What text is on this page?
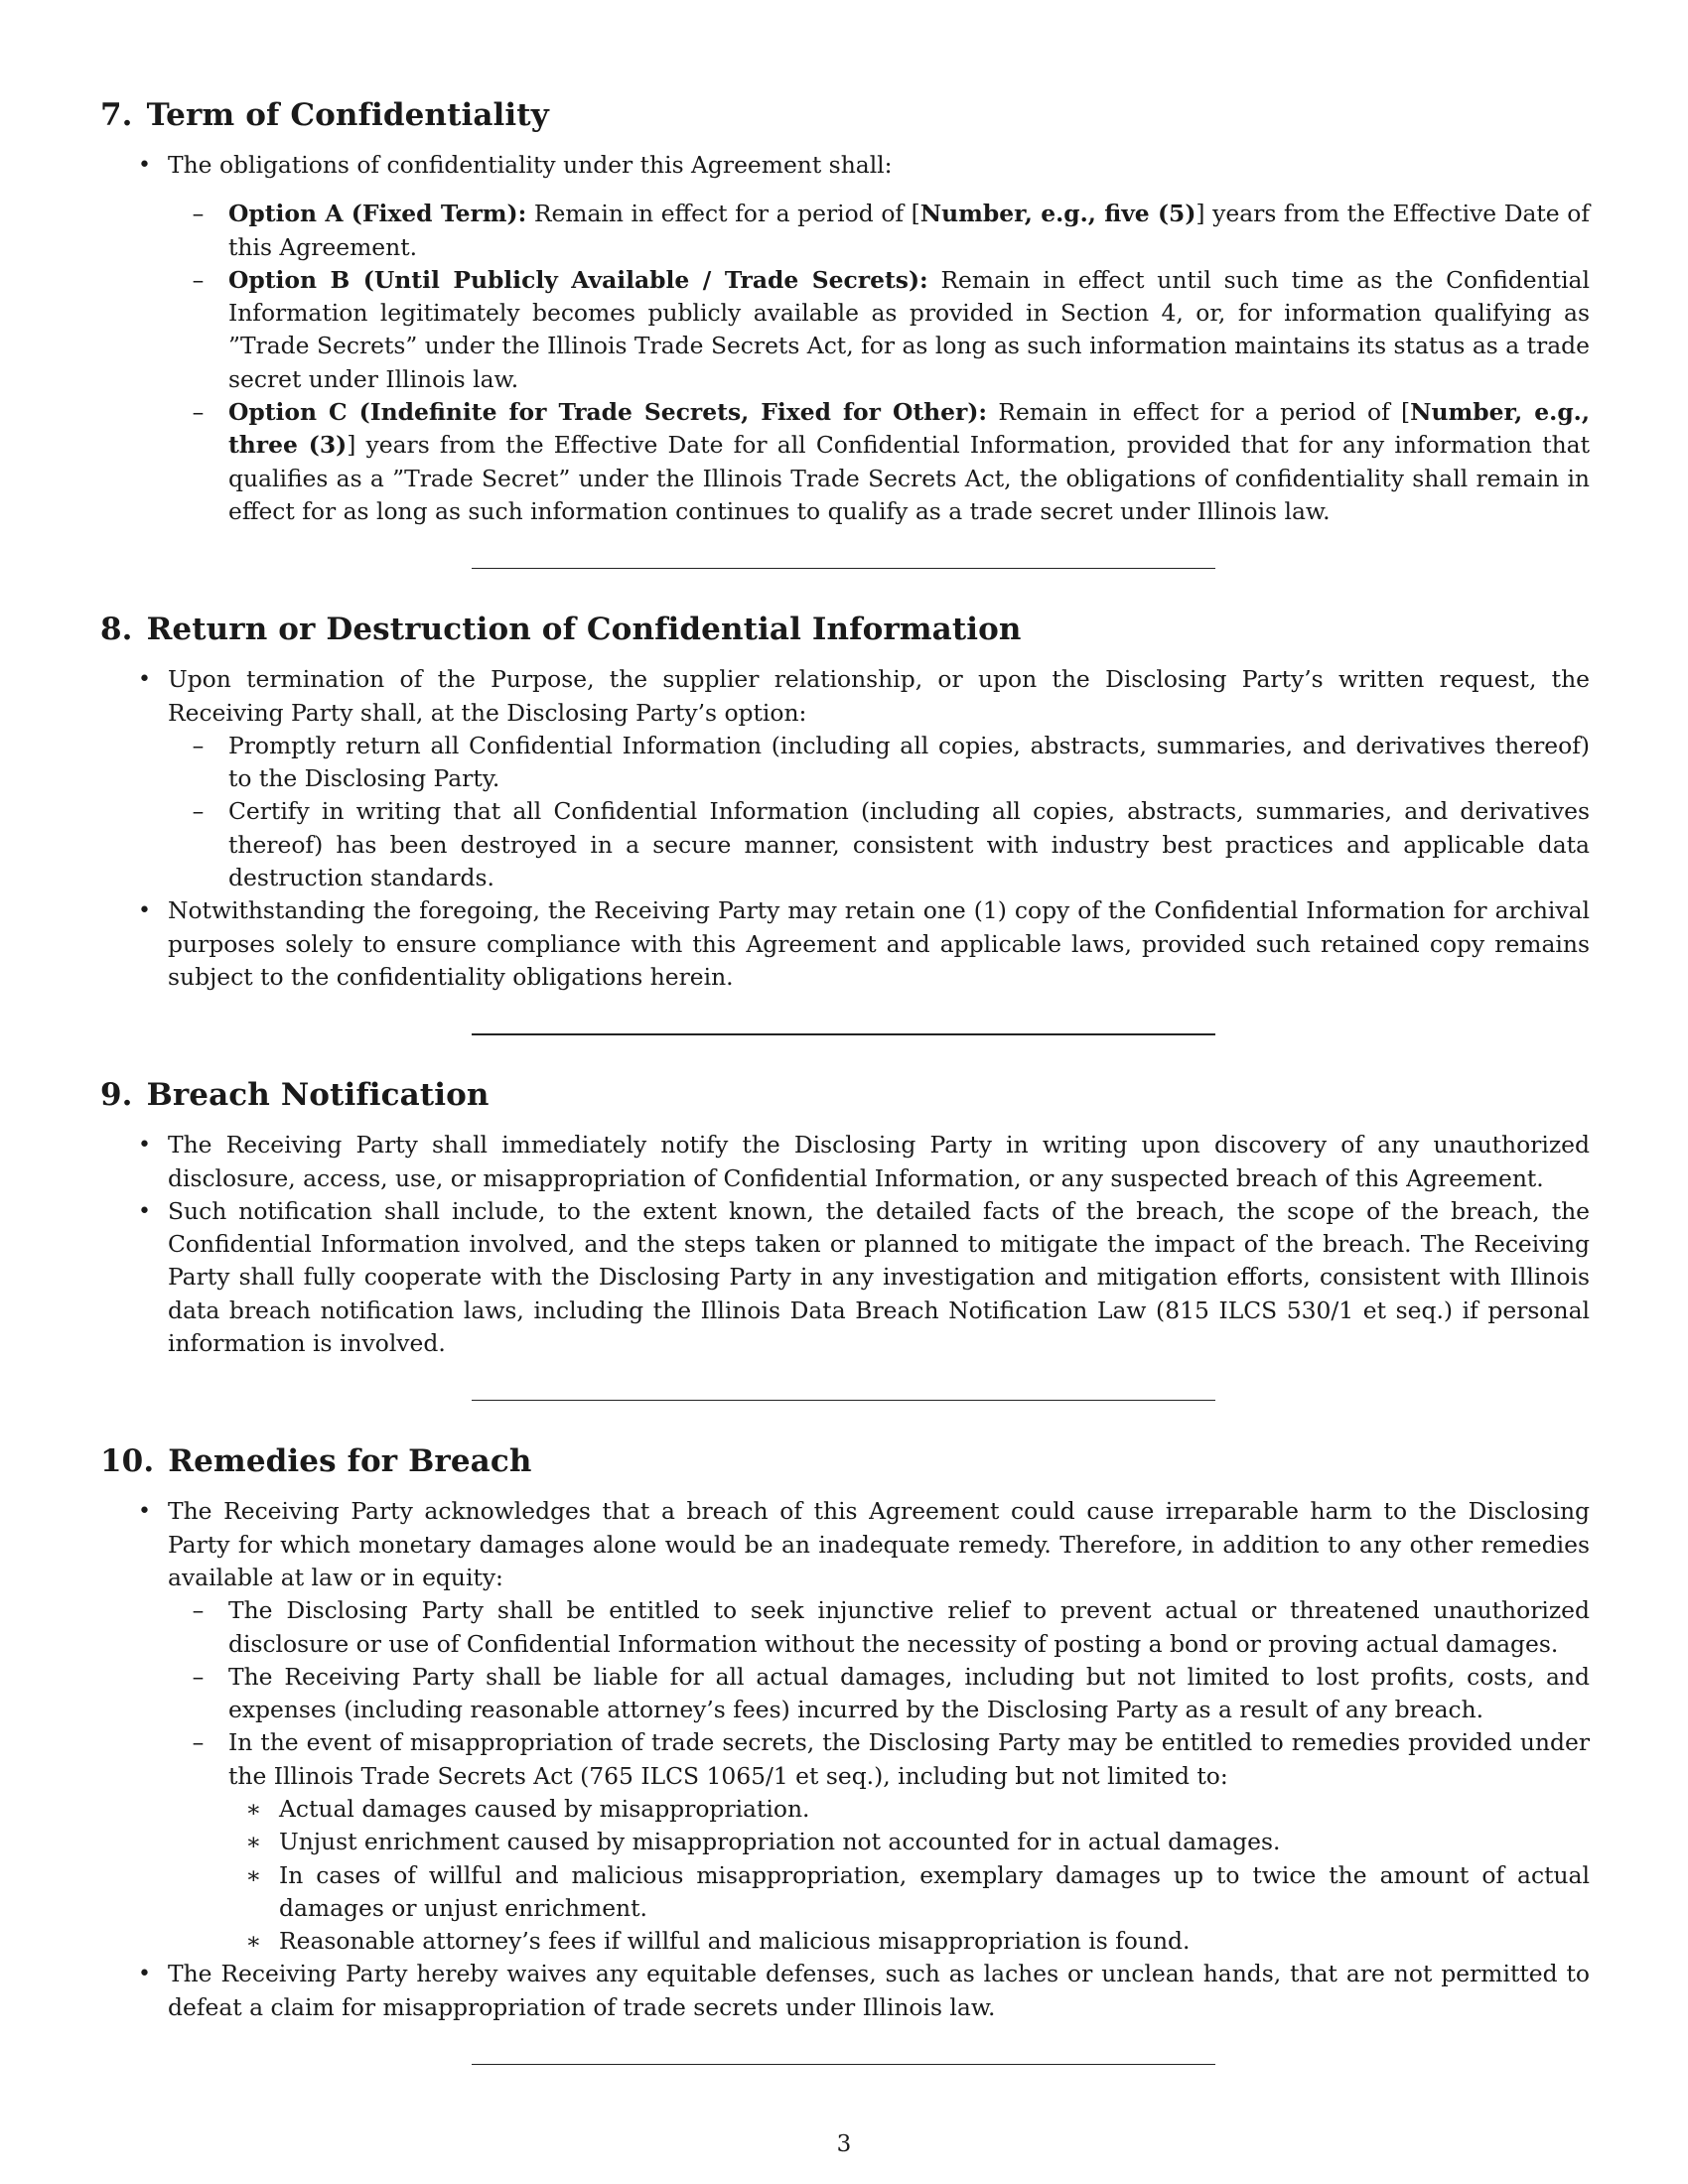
7. Term of Confidentiality
• The obligations of confidentiality under this Agreement shall:
–	Option A (Fixed Term): Remain in effect for a period of [Number, e.g., five (5)] years from the Effective Date of this Agreement.
–	Option B (Until Publicly Available / Trade Secrets): Remain in effect until such time as the Confidential Information legitimately becomes publicly available as provided in Section 4, or, for information qualifying as ”Trade Secrets” under the Illinois Trade Secrets Act, for as long as such information maintains its status as a trade secret under Illinois law.
–	Option C (Indefinite for Trade Secrets, Fixed for Other): Remain in effect for a period of [Number, e.g., three (3)] years from the Effective Date for all Confidential Information, provided that for any information that qualifies as a ”Trade Secret” under the Illinois Trade Secrets Act, the obligations of confidentiality shall remain in effect for as long as such information continues to qualify as a trade secret under Illinois law.
8. Return or Destruction of Confidential Information
• Upon termination of the Purpose, the supplier relationship, or upon the Disclosing Party’s written request, the Receiving Party shall, at the Disclosing Party’s option:
–	Promptly return all Confidential Information (including all copies, abstracts, summaries, and derivatives thereof) to the Disclosing Party.
–	Certify in writing that all Confidential Information (including all copies, abstracts, summaries, and derivatives thereof) has been destroyed in a secure manner, consistent with industry best practices and applicable data destruction standards.
• Notwithstanding the foregoing, the Receiving Party may retain one (1) copy of the Confidential Information for archival purposes solely to ensure compliance with this Agreement and applicable laws, provided such retained copy remains subject to the confidentiality obligations herein.
9. Breach Notification
• The Receiving Party shall immediately notify the Disclosing Party in writing upon discovery of any unauthorized disclosure, access, use, or misappropriation of Confidential Information, or any suspected breach of this Agreement.
• Such notification shall include, to the extent known, the detailed facts of the breach, the scope of the breach, the Confidential Information involved, and the steps taken or planned to mitigate the impact of the breach. The Receiving Party shall fully cooperate with the Disclosing Party in any investigation and mitigation efforts, consistent with Illinois data breach notification laws, including the Illinois Data Breach Notification Law (815 ILCS 530/1 et seq.) if personal information is involved.
10. Remedies for Breach
• The Receiving Party acknowledges that a breach of this Agreement could cause irreparable harm to the Disclosing Party for which monetary damages alone would be an inadequate remedy. Therefore, in addition to any other remedies available at law or in equity:
–	The Disclosing Party shall be entitled to seek injunctive relief to prevent actual or threatened unauthorized disclosure or use of Confidential Information without the necessity of posting a bond or proving actual damages.
–	The Receiving Party shall be liable for all actual damages, including but not limited to lost profits, costs, and expenses (including reasonable attorney’s fees) incurred by the Disclosing Party as a result of any breach.
–	In the event of misappropriation of trade secrets, the Disclosing Party may be entitled to remedies provided under the Illinois Trade Secrets Act (765 ILCS 1065/1 et seq.), including but not limited to:
∗ Actual damages caused by misappropriation.
∗ Unjust enrichment caused by misappropriation not accounted for in actual damages.
∗ In cases of willful and malicious misappropriation, exemplary damages up to twice the amount of actual damages or unjust enrichment.
∗ Reasonable attorney’s fees if willful and malicious misappropriation is found.
• The Receiving Party hereby waives any equitable defenses, such as laches or unclean hands, that are not permitted to defeat a claim for misappropriation of trade secrets under Illinois law.
3
